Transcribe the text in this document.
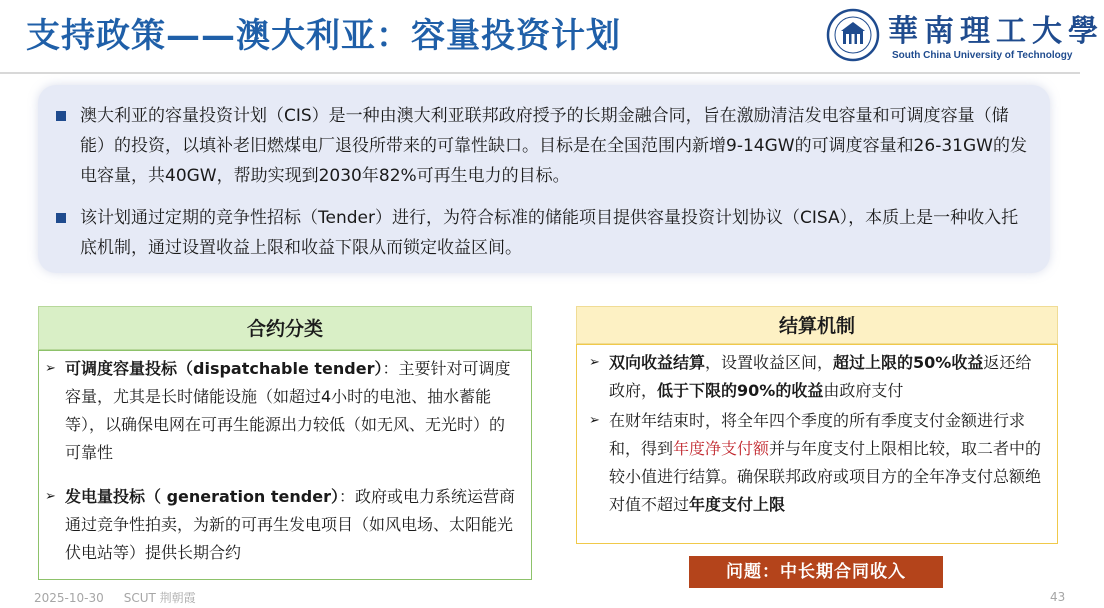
支持政策——澳大利亚：容量投资计划	華南理工大學
South China University of Technology
澳大利亚的容量投资计划（CIS）是一种由澳大利亚联邦政府授予的长期金融合同，旨在激励清洁发电容量和可调度容量（储能）的投资，以填补老旧燃煤电厂退役所带来的可靠性缺口。目标是在全国范围内新增9-14GW的可调度容量和26-31GW的发电容量，共40GW，帮助实现到2030年82%可再生电力的目标。
该计划通过定期的竞争性招标（Tender）进行，为符合标准的储能项目提供容量投资计划协议（CISA），本质上是一种收入托底机制，通过设置收益上限和收益下限从而锁定收益区间。
合约分类
➢ 可调度容量投标（dispatchable tender）：主要针对可调度容量，尤其是长时储能设施（如超过4小时的电池、抽水蓄能等），以确保电网在可再生能源出力较低（如无风、无光时）的可靠性
➢ 发电量投标（ generation tender）：政府或电力系统运营商通过竞争性拍卖，为新的可再生发电项目（如风电场、太阳能光伏电站等）提供长期合约
结算机制
➢ 双向收益结算，设置收益区间，超过上限的50%收益返还给政府，低于下限的90%的收益由政府支付
➢ 在财年结束时，将全年四个季度的所有季度支付金额进行求和，得到年度净支付额并与年度支付上限相比较，取二者中的较小值进行结算。确保联邦政府或项目方的全年净支付总额绝对值不超过年度支付上限
问题：中长期合同收入
2025-10-30 SCUT 荆朝霞	43
